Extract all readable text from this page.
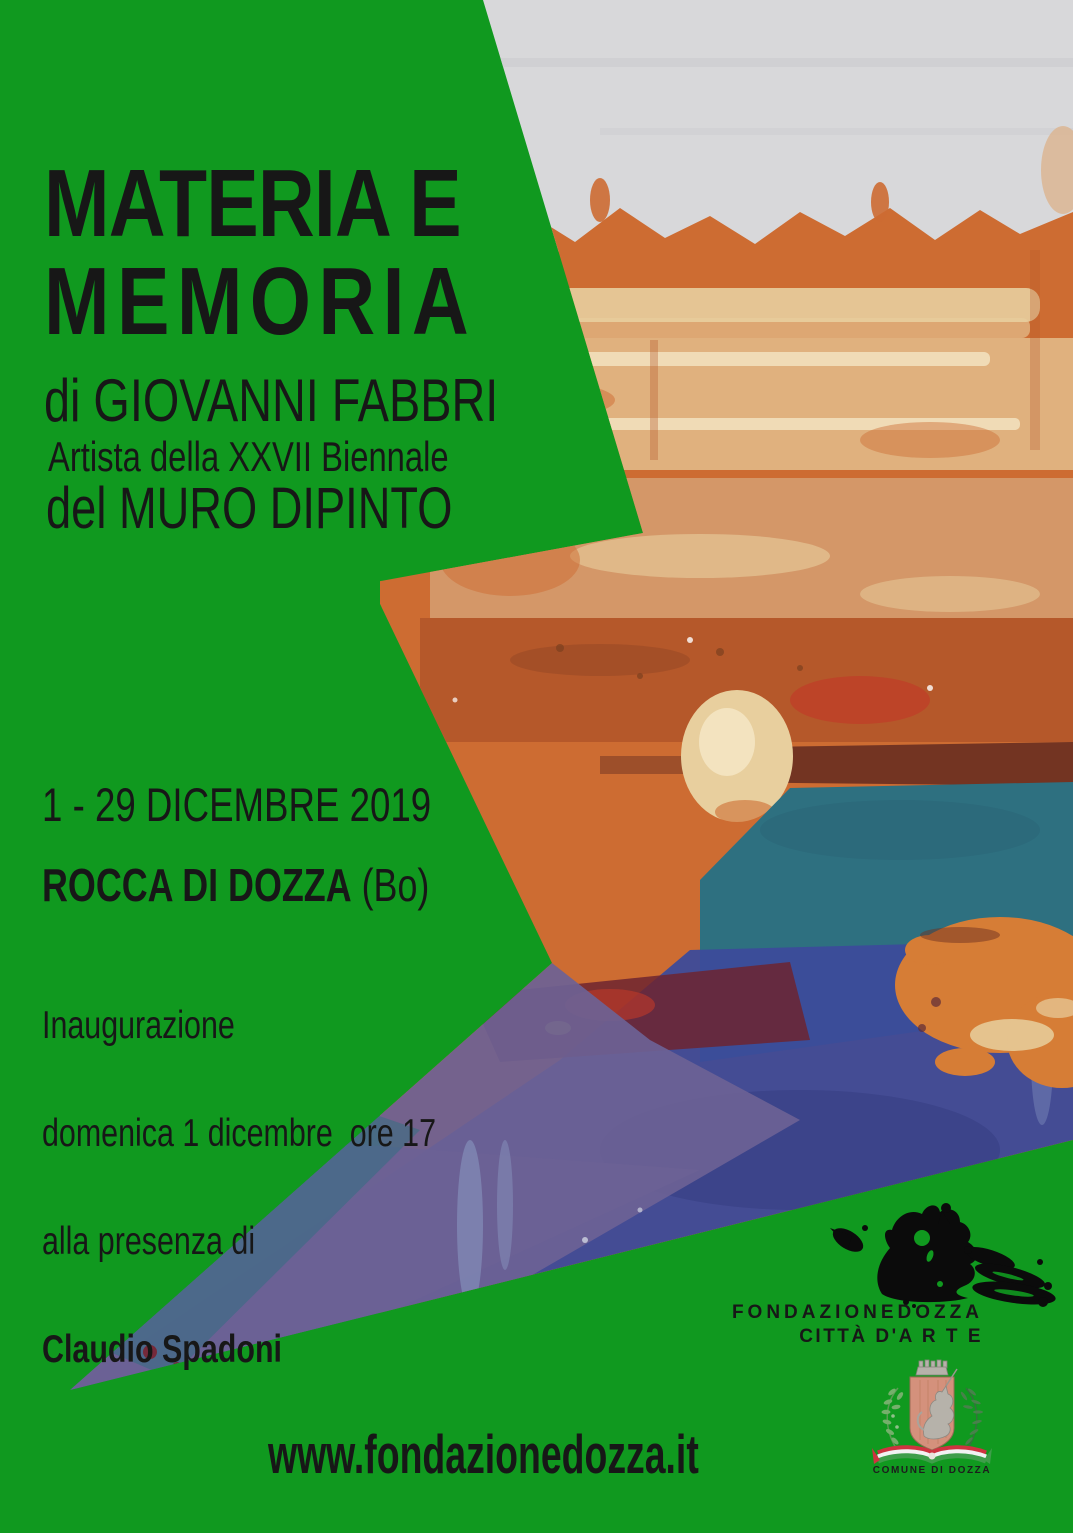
MATERIA E
MEMORIA
di GIOVANNI FABBRI
Artista della XXVII Biennale
del MURO DIPINTO
1 - 29 DICEMBRE 2019
ROCCA DI DOZZA (Bo)

Inaugurazione

domenica 1 dicembre  ore 17

alla presenza di

Claudio Spadoni

FONDAZIONEDOZZA
CITTÀ D'A R T E
COMUNE DI DOZZA
www.fondazionedozza.it
